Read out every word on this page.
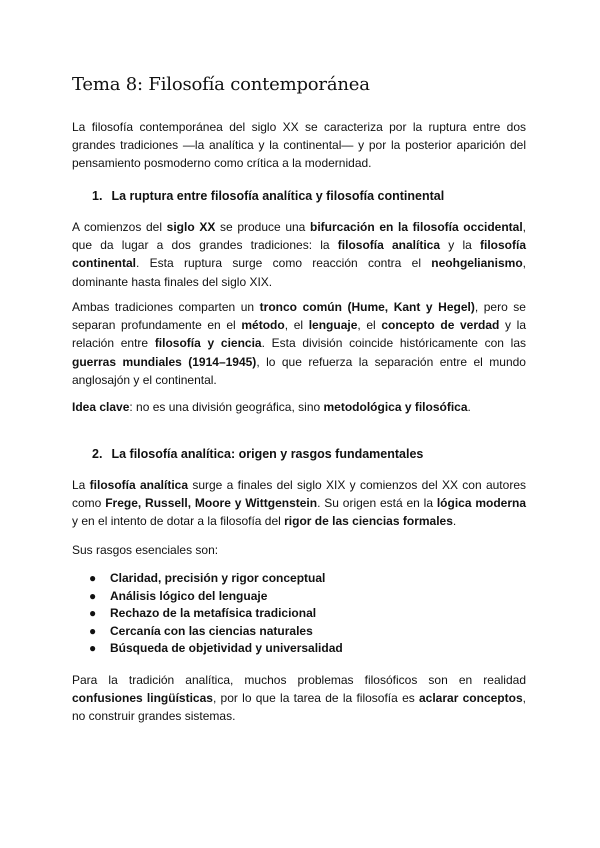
Tema 8: Filosofía contemporánea

La filosofía contemporánea del siglo XX se caracteriza por la ruptura entre dos grandes tradiciones —la analítica y la continental— y por la posterior aparición del pensamiento posmoderno como crítica a la modernidad.

1. La ruptura entre filosofía analítica y filosofía continental

A comienzos del siglo XX se produce una bifurcación en la filosofía occidental, que da lugar a dos grandes tradiciones: la filosofía analítica y la filosofía continental. Esta ruptura surge como reacción contra el neohgelianismo, dominante hasta finales del siglo XIX.

Ambas tradiciones comparten un tronco común (Hume, Kant y Hegel), pero se separan profundamente en el método, el lenguaje, el concepto de verdad y la relación entre filosofía y ciencia. Esta división coincide históricamente con las guerras mundiales (1914–1945), lo que refuerza la separación entre el mundo anglosajón y el continental.

Idea clave: no es una división geográfica, sino metodológica y filosófica.

2. La filosofía analítica: origen y rasgos fundamentales

La filosofía analítica surge a finales del siglo XIX y comienzos del XX con autores como Frege, Russell, Moore y Wittgenstein. Su origen está en la lógica moderna y en el intento de dotar a la filosofía del rigor de las ciencias formales.

Sus rasgos esenciales son:

● Claridad, precisión y rigor conceptual
● Análisis lógico del lenguaje
● Rechazo de la metafísica tradicional
● Cercanía con las ciencias naturales
● Búsqueda de objetividad y universalidad

Para la tradición analítica, muchos problemas filosóficos son en realidad confusiones lingüísticas, por lo que la tarea de la filosofía es aclarar conceptos, no construir grandes sistemas.
